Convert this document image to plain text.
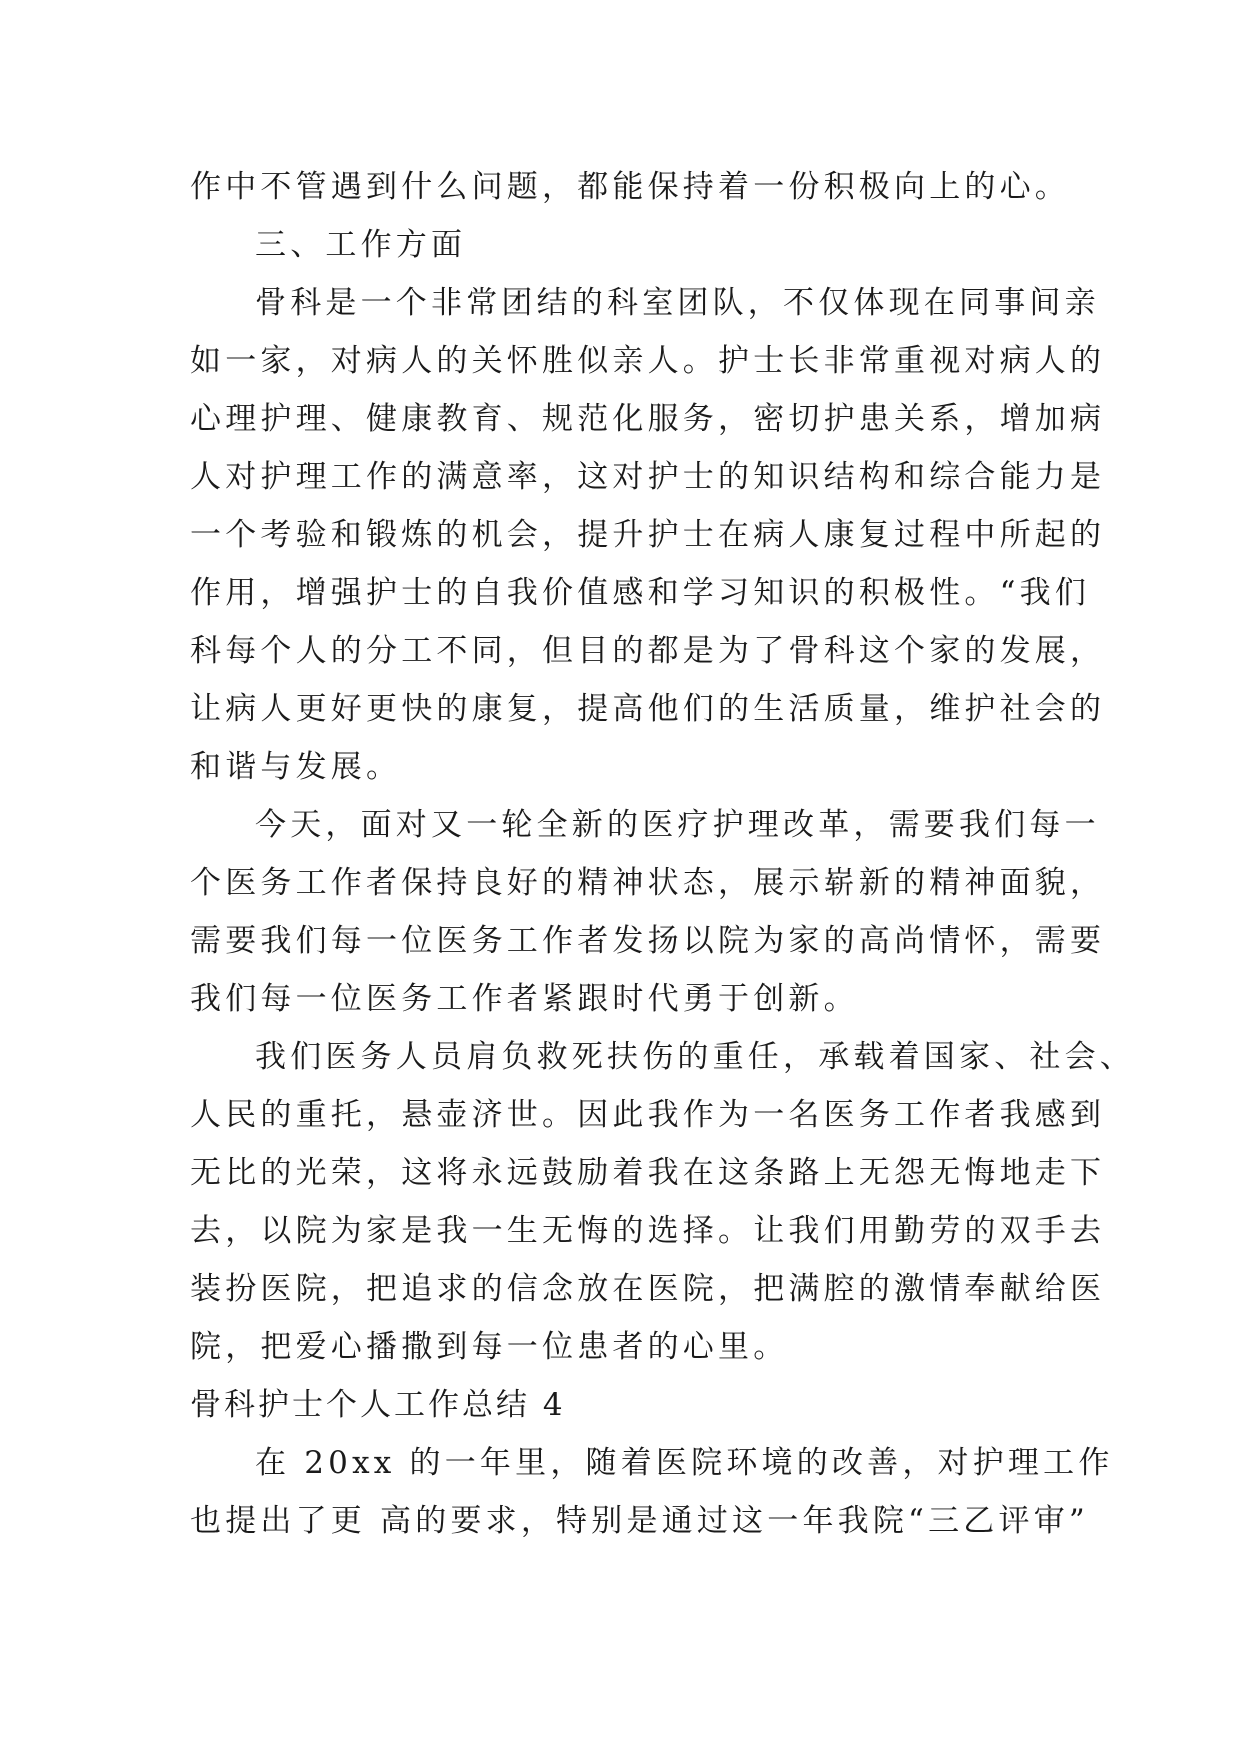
作中不管遇到什么问题，都能保持着一份积极向上的心。
三、工作方面
骨科是一个非常团结的科室团队，不仅体现在同事间亲
如一家，对病人的关怀胜似亲人。护士长非常重视对病人的
心理护理、健康教育、规范化服务，密切护患关系，增加病
人对护理工作的满意率，这对护士的知识结构和综合能力是
一个考验和锻炼的机会，提升护士在病人康复过程中所起的
作用，增强护士的自我价值感和学习知识的积极性。“我们
科每个人的分工不同，但目的都是为了骨科这个家的发展，
让病人更好更快的康复，提高他们的生活质量，维护社会的
和谐与发展。
今天，面对又一轮全新的医疗护理改革，需要我们每一
个医务工作者保持良好的精神状态，展示崭新的精神面貌，
需要我们每一位医务工作者发扬以院为家的高尚情怀，需要
我们每一位医务工作者紧跟时代勇于创新。
我们医务人员肩负救死扶伤的重任，承载着国家、社会、
人民的重托，悬壶济世。因此我作为一名医务工作者我感到
无比的光荣，这将永远鼓励着我在这条路上无怨无悔地走下
去，以院为家是我一生无悔的选择。让我们用勤劳的双手去
装扮医院，把追求的信念放在医院，把满腔的激情奉献给医
院，把爱心播撒到每一位患者的心里。
骨科护士个人工作总结 4
在 20xx 的一年里，随着医院环境的改善，对护理工作
也提出了更 高的要求，特别是通过这一年我院“三乙评审”
